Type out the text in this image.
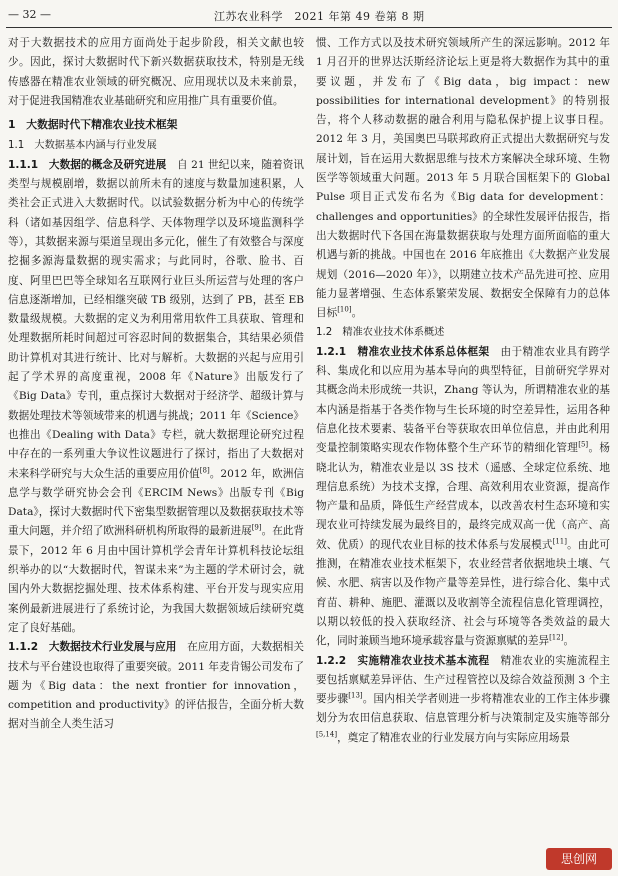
— 32 —	江苏农业科学　2021 年第 49 卷第 8 期

对于大数据技术的应用方面尚处于起步阶段，相关文献也较少。因此，探讨大数据时代下新兴数据获取技术，特别是无线传感器在精准农业领域的研究概况、应用现状以及未来前景，对于促进我国精准农业基础研究和应用推广具有重要价值。

1　大数据时代下精准农业技术框架
1.1　大数据基本内涵与行业发展

1.1.1　大数据的概念及研究进展　自 21 世纪以来，随着资讯类型与规模剧增，数据以前所未有的速度与数量加速积累，人类社会正式进入大数据时代。以试验数据分析为中心的传统学科（诸如基因组学、信息科学、天体物理学以及环境监测科学等），其数据来源与渠道呈现出多元化，催生了有效整合与深度挖掘多源海量数据的现实需求；与此同时，谷歌、脸书、百度、阿里巴巴等全球知名互联网行业巨头所运营与处理的客户信息逐渐增加，已经相继突破 TB 级别，达到了 PB，甚至 EB 数量级规模。大数据的定义为利用常用软件工具获取、管理和处理数据所耗时间超过可容忍时间的数据集合，其结果必须借助计算机对其进行统计、比对与解析。大数据的兴起与应用引起了学术界的高度重视，2008 年《Nature》出版发行了《Big Data》专刊，重点探讨大数据对于经济学、超级计算与数据处理技术等领域带来的机遇与挑战；2011 年《Science》也推出《Dealing with Data》专栏，就大数据理论研究过程中存在的一系列重大争议性议题进行了探讨，指出了大数据对未来科学研究与大众生活的重要应用价值[8]。2012 年，欧洲信息学与数学研究协会会刊《ERCIM News》出版专刊《Big Data》，探讨大数据时代下密集型数据管理以及数据获取技术等重大问题，并介绍了欧洲科研机构所取得的最新进展[9]。在此背景下，2012 年 6 月由中国计算机学会青年计算机科技论坛组织举办的以“大数据时代，智谋未来”为主题的学术研讨会，就国内外大数据挖掘处理、技术体系构建、平台开发与现实应用案例最新进展进行了系统讨论，为我国大数据领域后续研究奠定了良好基础。

1.1.2　大数据技术行业发展与应用　在应用方面，大数据相关技术与平台建设也取得了重要突破。2011 年麦肯锡公司发布了题为《Big data：the next frontier for innovation，competition and productivity》的评估报告，全面分析大数据对当前全人类生活习

惯、工作方式以及技术研究领域所产生的深远影响。2012 年 1 月召开的世界达沃斯经济论坛上更是将大数据作为其中的重要议题，并发布了《Big data，big impact：new possibilities for international development》的特别报告，将个人移动数据的融合利用与隐私保护提上议事日程。2012 年 3 月，美国奥巴马联邦政府正式提出大数据研究与发展计划，旨在运用大数据思维与技术方案解决全球环境、生物医学等领域重大问题。2013 年 5 月联合国框架下的 Global Pulse 项目正式发布名为《Big data for development：challenges and opportunities》的全球性发展评估报告，指出大数据时代下各国在海量数据获取与处理方面所面临的重大机遇与新的挑战。中国也在 2016 年底推出《大数据产业发展规划（2016—2020 年）》，以期建立技术产品先进可控、应用能力显著增强、生态体系繁荣发展、数据安全保障有力的总体目标[10]。

1.2　精准农业技术体系概述

1.2.1　精准农业技术体系总体框架　由于精准农业具有跨学科、集成化和以应用为基本导向的典型特征，目前研究学界对其概念尚未形成统一共识，Zhang 等认为，所谓精准农业的基本内涵是指基于各类作物与生长环境的时空差异性，运用各种信息化技术要素、装备平台等获取农田单位信息，并由此利用变量控制策略实现农作物体整个生产环节的精细化管理[5]。杨晓北认为，精准农业是以 3S 技术（遥感、全球定位系统、地理信息系统）为技术支撑，合理、高效利用农业资源，提高作物产量和品质，降低生产经营成本，以改善农村生态环境和实现农业可持续发展为最终目的，最终完成双高一优（高产、高效、优质）的现代农业目标的技术体系与发展模式[11]。由此可推测，在精准农业技术框架下，农业经营者依据地块土壤、气候、水肥、病害以及作物产量等差异性，进行综合化、集中式育苗、耕种、施肥、灌溉以及收割等全流程信息化管理调控，以期以较低的投入获取经济、社会与环境等各类效益的最大化，同时兼顾当地环境承载容量与资源禀赋的差异[12]。

1.2.2　实施精准农业技术基本流程　精准农业的实施流程主要包括禀赋差异评估、生产过程管控以及综合效益预测 3 个主要步骤[13]。国内相关学者则进一步将精准农业的工作主体步骤划分为农田信息获取、信息管理分析与决策制定及实施等部分[5,14]，奠定了精准农业的行业发展方向与实际应用场景

思创网
